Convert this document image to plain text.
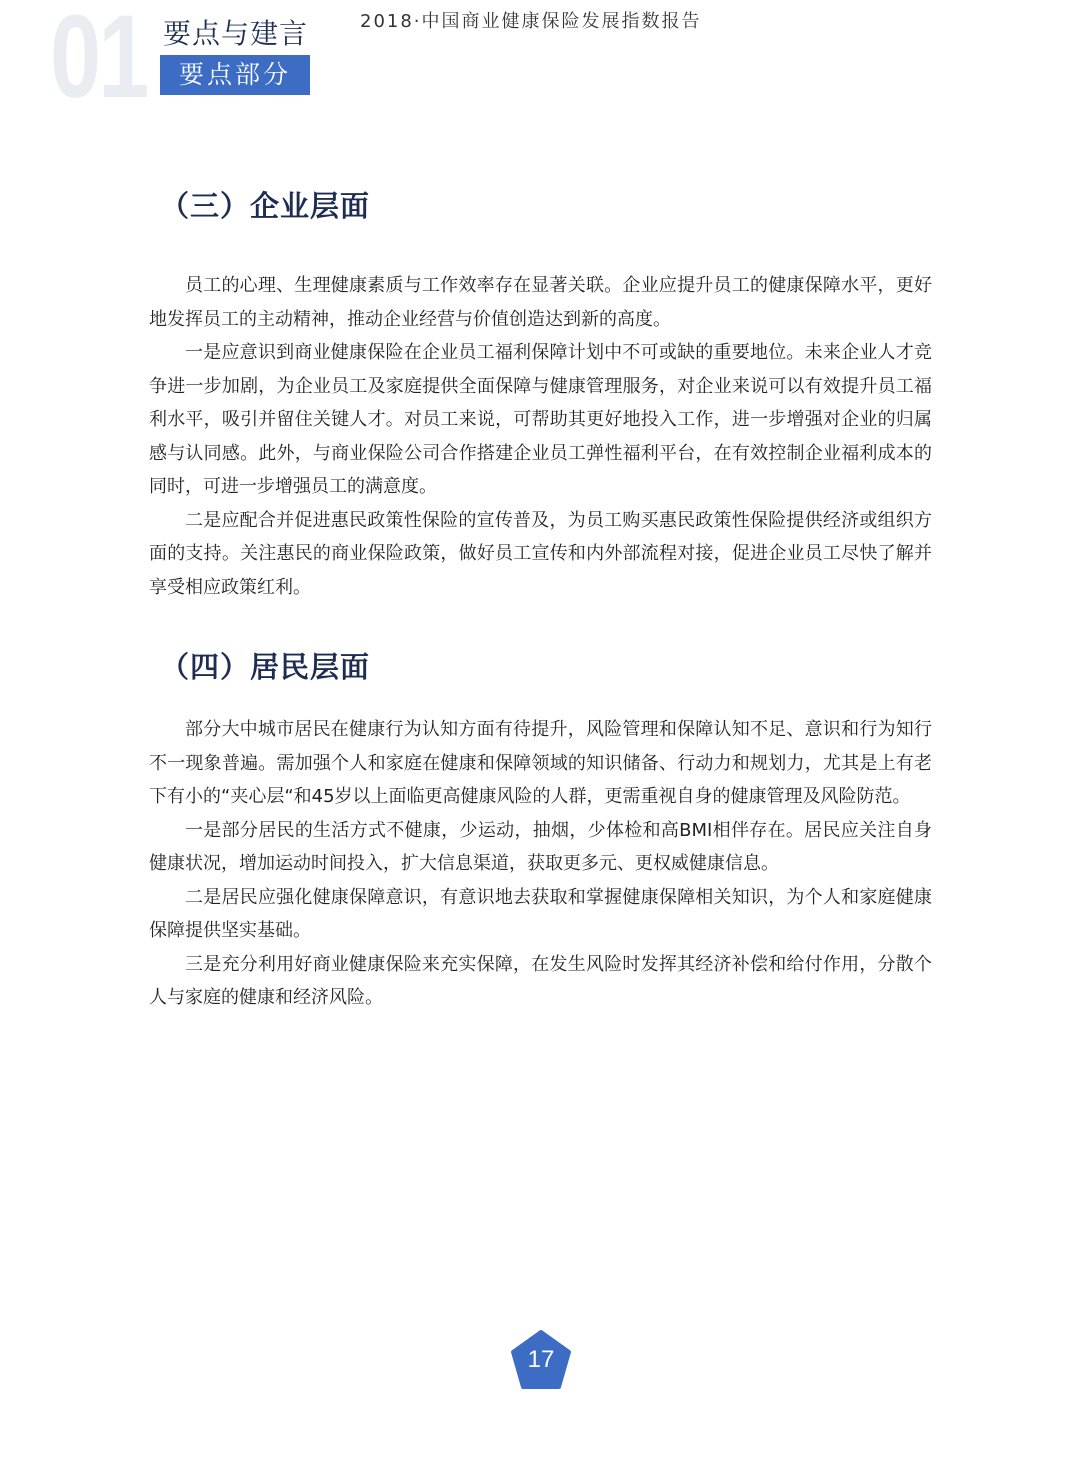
01 要点与建言
要点部分
2018·中国商业健康保险发展指数报告
（三）企业层面

员工的心理、生理健康素质与工作效率存在显著关联。企业应提升员工的健康保障水平，更好地发挥员工的主动精神，推动企业经营与价值创造达到新的高度。

一是应意识到商业健康保险在企业员工福利保障计划中不可或缺的重要地位。未来企业人才竞争进一步加剧，为企业员工及家庭提供全面保障与健康管理服务，对企业来说可以有效提升员工福利水平，吸引并留住关键人才。对员工来说，可帮助其更好地投入工作，进一步增强对企业的归属感与认同感。此外，与商业保险公司合作搭建企业员工弹性福利平台，在有效控制企业福利成本的同时，可进一步增强员工的满意度。

二是应配合并促进惠民政策性保险的宣传普及，为员工购买惠民政策性保险提供经济或组织方面的支持。关注惠民的商业保险政策，做好员工宣传和内外部流程对接，促进企业员工尽快了解并享受相应政策红利。

（四）居民层面

部分大中城市居民在健康行为认知方面有待提升，风险管理和保障认知不足、意识和行为知行不一现象普遍。需加强个人和家庭在健康和保障领域的知识储备、行动力和规划力，尤其是上有老下有小的“夹心层“和45岁以上面临更高健康风险的人群，更需重视自身的健康管理及风险防范。

一是部分居民的生活方式不健康，少运动，抽烟，少体检和高BMI相伴存在。居民应关注自身健康状况，增加运动时间投入，扩大信息渠道，获取更多元、更权威健康信息。

二是居民应强化健康保障意识，有意识地去获取和掌握健康保障相关知识，为个人和家庭健康保障提供坚实基础。

三是充分利用好商业健康保险来充实保障，在发生风险时发挥其经济补偿和给付作用，分散个人与家庭的健康和经济风险。

17
